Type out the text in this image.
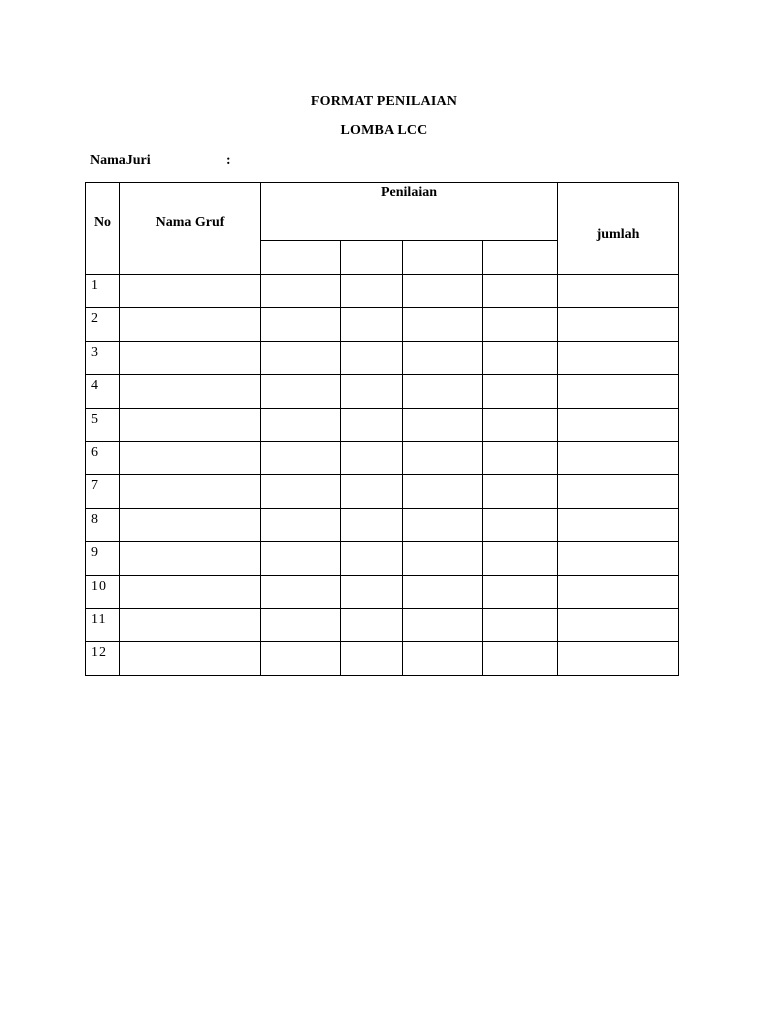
FORMAT PENILAIAN
LOMBA LCC
NamaJuri	:
No	Nama Gruf	Penilaian				jumlah

1						
2						
3						
4						
5						
6						
7						
8						
9						
10						
11						
12						
